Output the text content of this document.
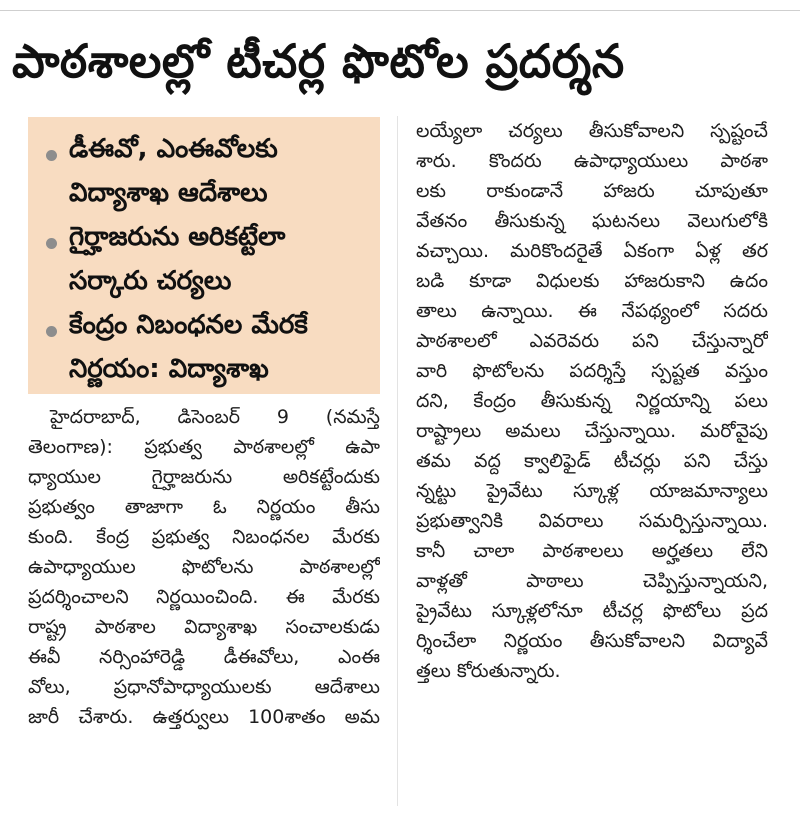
పాఠశాలల్లో టీచర్ల ఫొటోల ప్రదర్శన
డీఈవో, ఎంఈవోలకు
విద్యాశాఖ ఆదేశాలు
గైర్హాజరును అరికట్టేలా
సర్కారు చర్యలు
కేంద్రం నిబంధనల మేరకే
నిర్ణయం: విద్యాశాఖ
హైదరాబాద్, డిసెంబర్ 9 (నమస్తే
తెలంగాణ): ప్రభుత్వ పాఠశాలల్లో ఉపా
ధ్యాయుల గైర్హాజరును అరికట్టేందుకు
ప్రభుత్వం తాజాగా ఓ నిర్ణయం తీసు
కుంది. కేంద్ర ప్రభుత్వ నిబంధనల మేరకు
ఉపాధ్యాయుల ఫొటోలను పాఠశాలల్లో
ప్రదర్శించాలని నిర్ణయించింది. ఈ మేరకు
రాష్ట్ర పాఠశాల విద్యాశాఖ సంచాలకుడు
ఈవీ నర్సింహారెడ్డి డీఈవోలు, ఎంఈ
వోలు, ప్రధానోపాధ్యాయులకు ఆదేశాలు
జారీ చేశారు. ఉత్తర్వులు 100శాతం అమ
లయ్యేలా చర్యలు తీసుకోవాలని స్పష్టంచే
శారు. కొందరు ఉపాధ్యాయులు పాఠశా
లకు రాకుండానే హాజరు చూపుతూ
వేతనం తీసుకున్న ఘటనలు వెలుగులోకి
వచ్చాయి. మరికొందరైతే ఏకంగా ఏళ్ల తర
బడి కూడా విధులకు హాజరుకాని ఉదం
తాలు ఉన్నాయి. ఈ నేపథ్యంలో సదరు
పాఠశాలలో ఎవరెవరు పని చేస్తున్నారో
వారి ఫొటోలను పదర్శిస్తే స్పష్టత వస్తుం
దని, కేంద్రం తీసుకున్న నిర్ణయాన్ని పలు
రాష్ట్రాలు అమలు చేస్తున్నాయి. మరోవైపు
తమ వద్ద క్వాలిఫైడ్ టీచర్లు పని చేస్తు
న్నట్టు ప్రైవేటు స్కూళ్ల యాజమాన్యాలు
ప్రభుత్వానికి వివరాలు సమర్పిస్తున్నాయి.
కానీ చాలా పాఠశాలలు అర్హతలు లేని
వాళ్లతో పాఠాలు చెప్పిస్తున్నాయని,
ప్రైవేటు స్కూళ్లలోనూ టీచర్ల ఫొటోలు ప్రద
ర్శించేలా నిర్ణయం తీసుకోవాలని విద్యావే
త్తలు కోరుతున్నారు.
